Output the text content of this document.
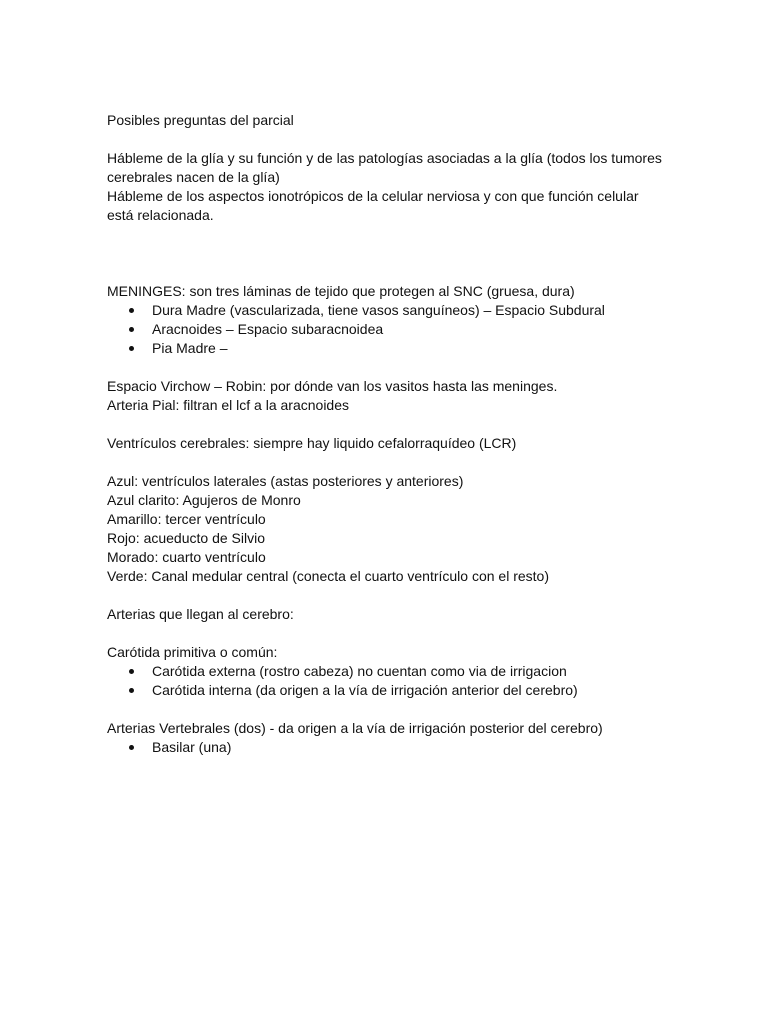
Posibles preguntas del parcial

Hábleme de la glía y su función y de las patologías asociadas a la glía (todos los tumores cerebrales nacen de la glía)

Hábleme de los aspectos ionotrópicos de la celular nerviosa y con que función celular está relacionada.

MENINGES: son tres láminas de tejido que protegen al SNC (gruesa, dura)

Dura Madre (vascularizada, tiene vasos sanguíneos) – Espacio Subdural
Aracnoides – Espacio subaracnoidea
Pia Madre –

Espacio Virchow – Robin: por dónde van los vasitos hasta las meninges.

Arteria Pial: filtran el lcf a la aracnoides

Ventrículos cerebrales: siempre hay liquido cefalorraquídeo (LCR)

Azul: ventrículos laterales (astas posteriores y anteriores)

Azul clarito: Agujeros de Monro

Amarillo: tercer ventrículo

Rojo: acueducto de Silvio

Morado: cuarto ventrículo

Verde: Canal medular central (conecta el cuarto ventrículo con el resto)

Arterias que llegan al cerebro:

Carótida primitiva o común:

Carótida externa (rostro cabeza) no cuentan como via de irrigacion
Carótida interna (da origen a la vía de irrigación anterior del cerebro)

Arterias Vertebrales (dos) - da origen a la vía de irrigación posterior del cerebro)

Basilar (una)
